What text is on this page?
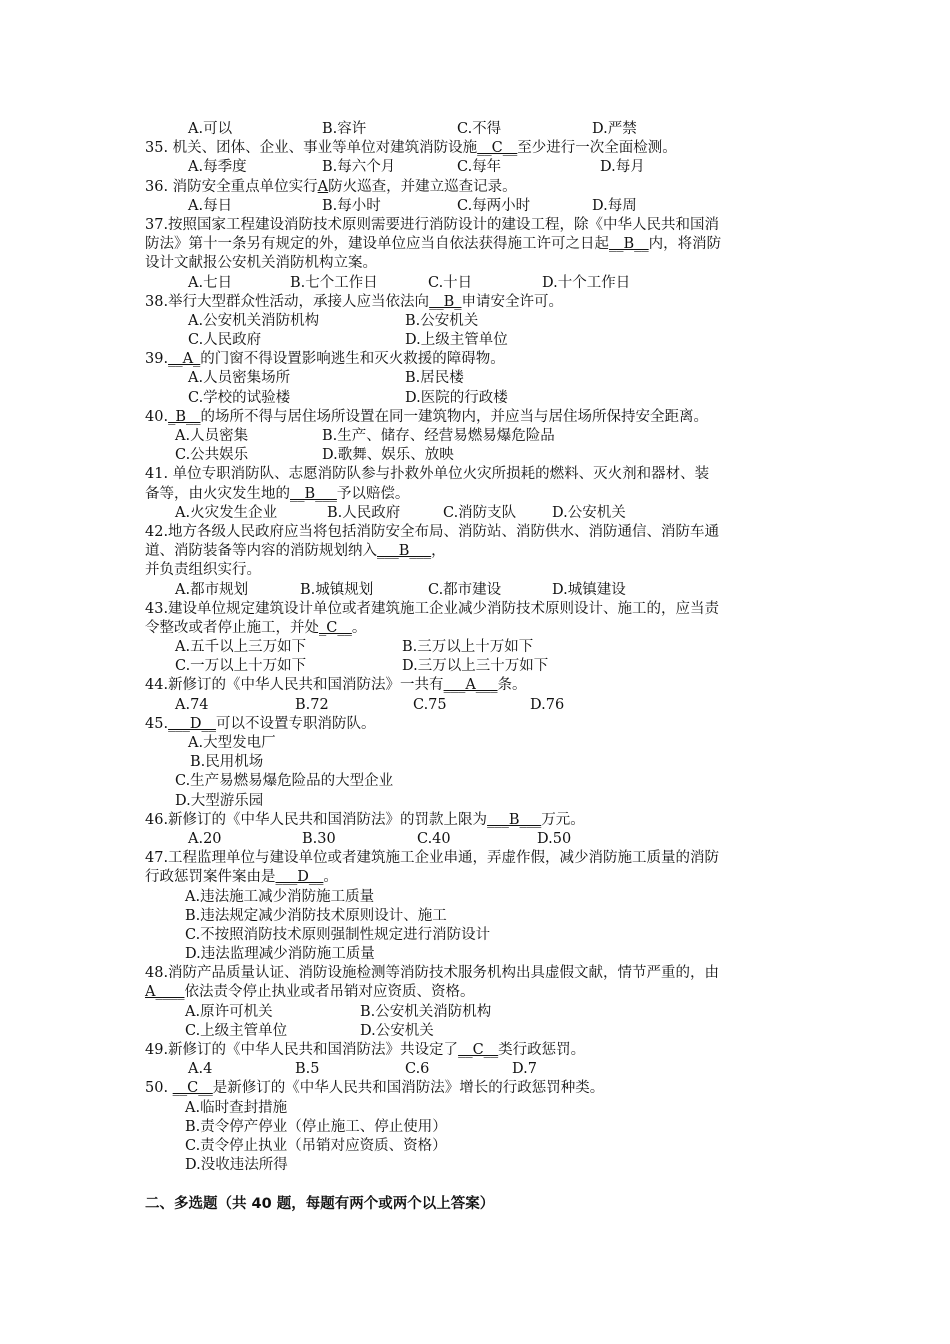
A.可以	B.容许	C.不得	D.严禁
35. 机关、团体、企业、事业等单位对建筑消防设施__C__至少进行一次全面检测。
A.每季度	B.每六个月	C.每年	D.每月
36. 消防安全重点单位实行A防火巡查，并建立巡查记录。
A.每日	B.每小时	C.每两小时	D.每周
37.按照国家工程建设消防技术原则需要进行消防设计的建设工程，除《中华人民共和国消
防法》第十一条另有规定的外，建设单位应当自依法获得施工许可之日起__B__内，将消防
设计文献报公安机关消防机构立案。
A.七日	B.七个工作日	C.十日	D.十个工作日
38.举行大型群众性活动，承接人应当依法向__B_申请安全许可。
A.公安机关消防机构	B.公安机关
C.人民政府	D.上级主管单位
39.__A_的门窗不得设置影响逃生和灭火救援的障碍物。
A.人员密集场所	B.居民楼
C.学校的试验楼	D.医院的行政楼
40._B__的场所不得与居住场所设置在同一建筑物内，并应当与居住场所保持安全距离。
A.人员密集	B.生产、储存、经营易燃易爆危险品
C.公共娱乐	D.歌舞、娱乐、放映
41. 单位专职消防队、志愿消防队参与扑救外单位火灾所损耗的燃料、灭火剂和器材、装
备等，由火灾发生地的__B___予以赔偿。
A.火灾发生企业	B.人民政府	C.消防支队 D.公安机关
42.地方各级人民政府应当将包括消防安全布局、消防站、消防供水、消防通信、消防车通
道、消防装备等内容的消防规划纳入___B___，
并负责组织实行。
A.都市规划	B.城镇规划	C.都市建设	D.城镇建设
43.建设单位规定建筑设计单位或者建筑施工企业减少消防技术原则设计、施工的，应当责
令整改或者停止施工，并处_C__。
A.五千以上三万如下	B.三万以上十万如下
C.一万以上十万如下	D.三万以上三十万如下
44.新修订的《中华人民共和国消防法》一共有___A___条。
A.74	B.72	C.75	D.76
45.___D__可以不设置专职消防队。
A.大型发电厂
B.民用机场
C.生产易燃易爆危险品的大型企业
D.大型游乐园
46.新修订的《中华人民共和国消防法》的罚款上限为___B___万元。
A.20	B.30	C.40	D.50
47.工程监理单位与建设单位或者建筑施工企业串通，弄虚作假，减少消防施工质量的消防
行政惩罚案件案由是___D__。
A.违法施工减少消防施工质量
B.违法规定减少消防技术原则设计、施工
C.不按照消防技术原则强制性规定进行消防设计
D.违法监理减少消防施工质量
48.消防产品质量认证、消防设施检测等消防技术服务机构出具虚假文献，情节严重的，由
A____依法责令停止执业或者吊销对应资质、资格。
A.原许可机关	B.公安机关消防机构
C.上级主管单位	D.公安机关
49.新修订的《中华人民共和国消防法》共设定了__C__类行政惩罚。
A.4	B.5	C.6	D.7
50. __C__是新修订的《中华人民共和国消防法》增长的行政惩罚种类。
A.临时查封措施
B.责令停产停业（停止施工、停止使用）
C.责令停止执业（吊销对应资质、资格）
D.没收违法所得
二、多选题（共 40 题，每题有两个或两个以上答案）
